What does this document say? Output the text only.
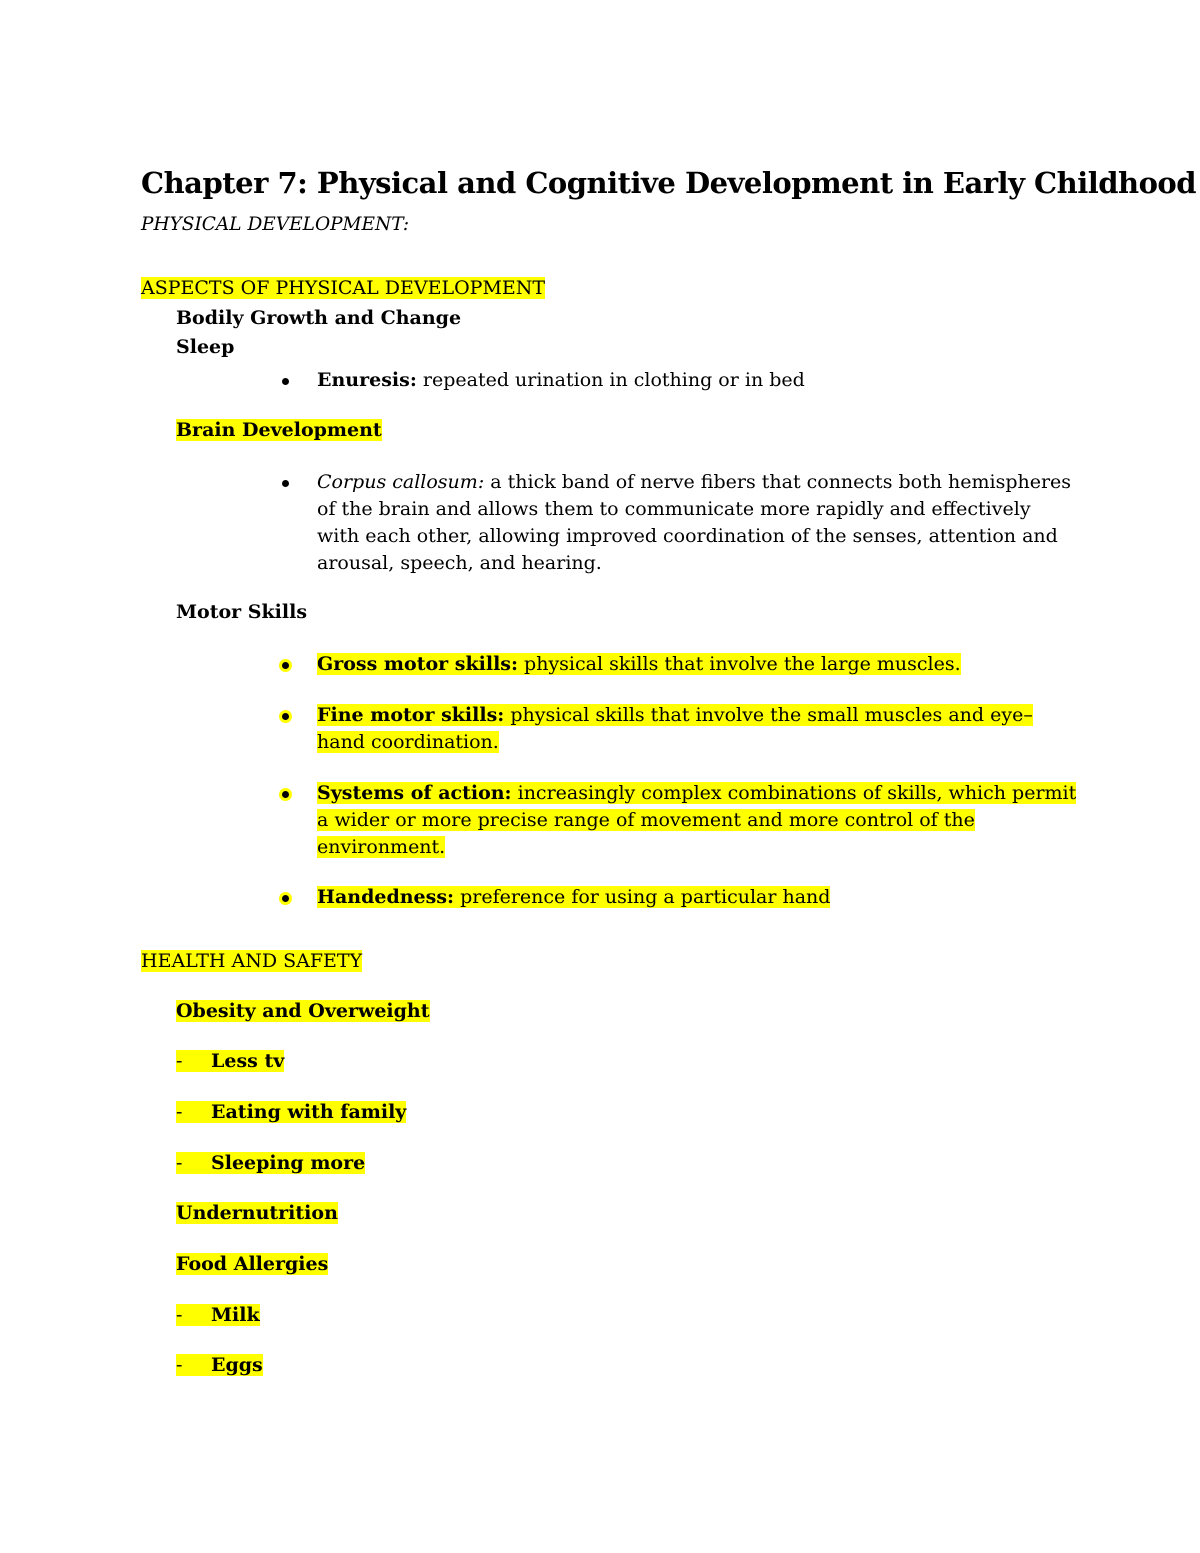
Chapter 7: Physical and Cognitive Development in Early Childhood
PHYSICAL DEVELOPMENT:
ASPECTS OF PHYSICAL DEVELOPMENT
Bodily Growth and Change
Sleep
Enuresis: repeated urination in clothing or in bed
Brain Development
Corpus callosum: a thick band of nerve fibers that connects both hemispheres
of the brain and allows them to communicate more rapidly and effectively
with each other, allowing improved coordination of the senses, attention and
arousal, speech, and hearing.
Motor Skills
Gross motor skills: physical skills that involve the large muscles.
Fine motor skills: physical skills that involve the small muscles and eye–
hand coordination.
Systems of action: increasingly complex combinations of skills, which permit
a wider or more precise range of movement and more control of the
environment.
Handedness: preference for using a particular hand
HEALTH AND SAFETY
Obesity and Overweight
- Less tv
- Eating with family
- Sleeping more
Undernutrition
Food Allergies
- Milk
- Eggs
